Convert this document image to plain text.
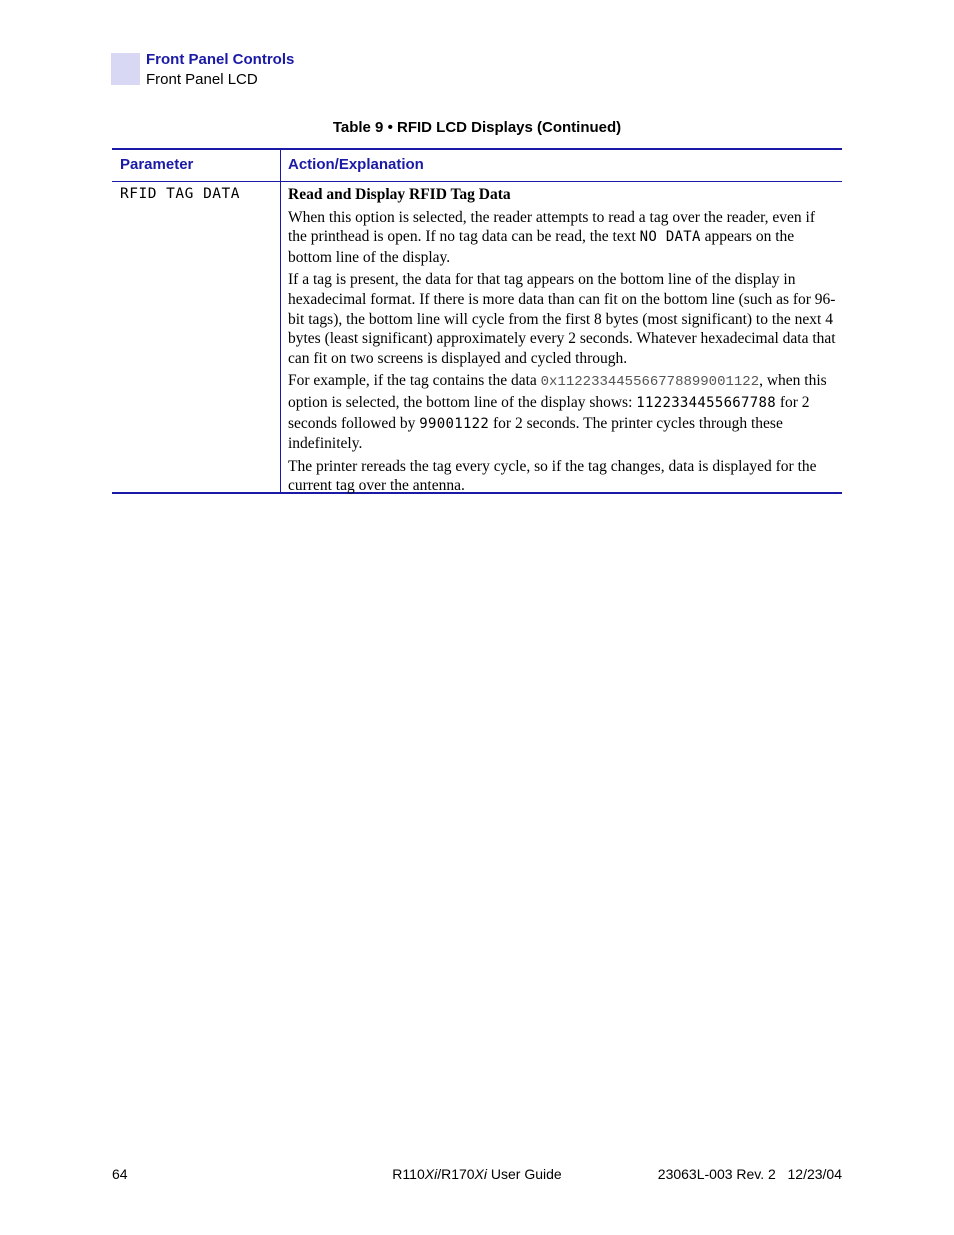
Front Panel Controls
Front Panel LCD
Table 9 • RFID LCD Displays (Continued)
Parameter	Action/Explanation
RFID TAG DATA	Read and Display RFID Tag Data

When this option is selected, the reader attempts to read a tag over the reader, even if the printhead is open. If no tag data can be read, the text NO DATA appears on the bottom line of the display.

If a tag is present, the data for that tag appears on the bottom line of the display in hexadecimal format. If there is more data than can fit on the bottom line (such as for 96-bit tags), the bottom line will cycle from the first 8 bytes (most significant) to the next 4 bytes (least significant) approximately every 2 seconds. Whatever hexadecimal data that can fit on two screens is displayed and cycled through.

For example, if the tag contains the data 0x112233445566778899001122, when this option is selected, the bottom line of the display shows: 1122334455667788 for 2 seconds followed by 99001122 for 2 seconds. The printer cycles through these indefinitely.

The printer rereads the tag every cycle, so if the tag changes, data is displayed for the current tag over the antenna.

64	R110Xi/R170Xi User Guide	23063L-003 Rev. 2   12/23/04
